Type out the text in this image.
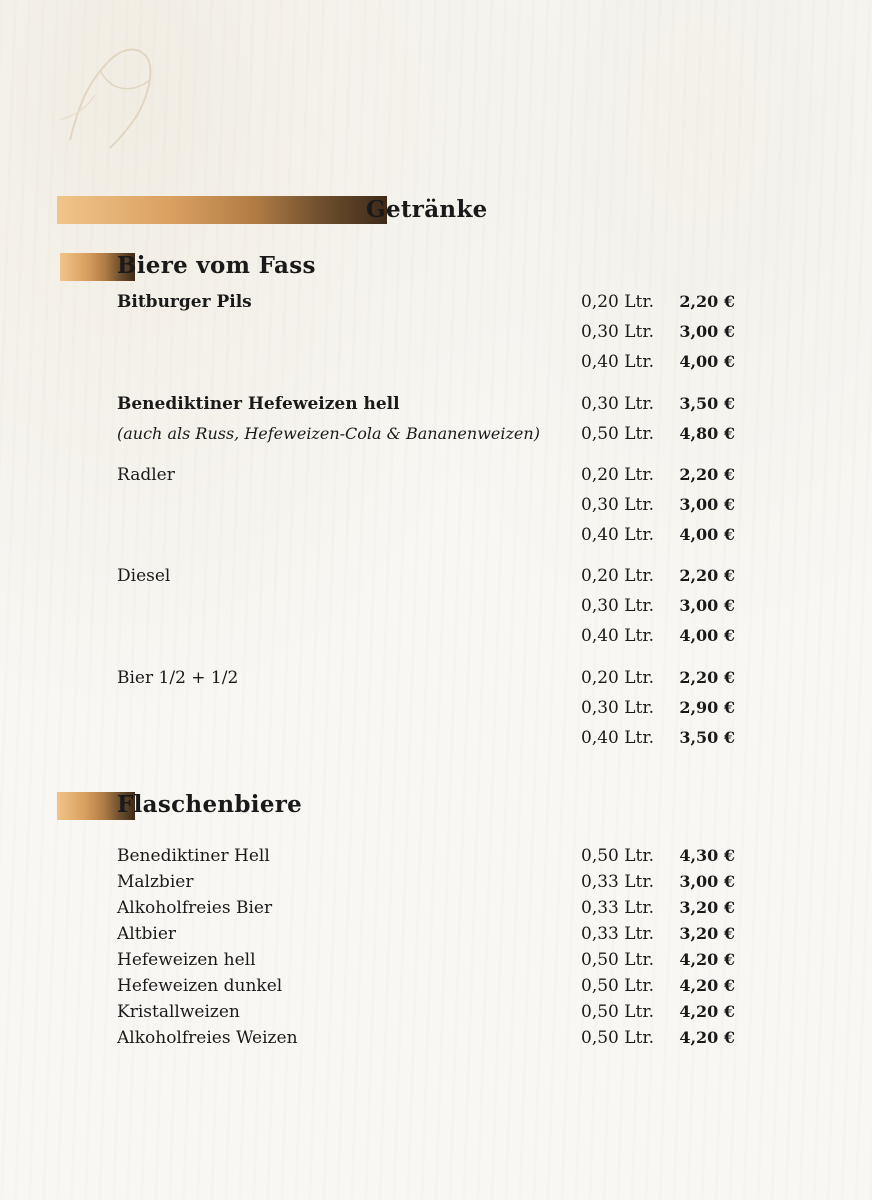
Getränke
Biere vom Fass
Bitburger Pils	0,20 Ltr. 2,20 €
0,30 Ltr. 3,00 €
0,40 Ltr. 4,00 €
Benediktiner Hefeweizen hell	0,30 Ltr. 3,50 €
(auch als Russ, Hefeweizen-Cola & Bananenweizen) 0,50 Ltr. 4,80 €
Radler	0,20 Ltr. 2,20 €
0,30 Ltr. 3,00 €
0,40 Ltr. 4,00 €
Diesel	0,20 Ltr. 2,20 €
0,30 Ltr. 3,00 €
0,40 Ltr. 4,00 €
Bier 1/2 + 1/2	0,20 Ltr. 2,20 €
0,30 Ltr. 2,90 €
0,40 Ltr. 3,50 €
Flaschenbiere
Benediktiner Hell	0,50 Ltr. 4,30 €
Malzbier	0,33 Ltr. 3,00 €
Alkoholfreies Bier	0,33 Ltr. 3,20 €
Altbier	0,33 Ltr. 3,20 €
Hefeweizen hell	0,50 Ltr. 4,20 €
Hefeweizen dunkel	0,50 Ltr. 4,20 €
Kristallweizen	0,50 Ltr. 4,20 €
Alkoholfreies Weizen	0,50 Ltr. 4,20 €
